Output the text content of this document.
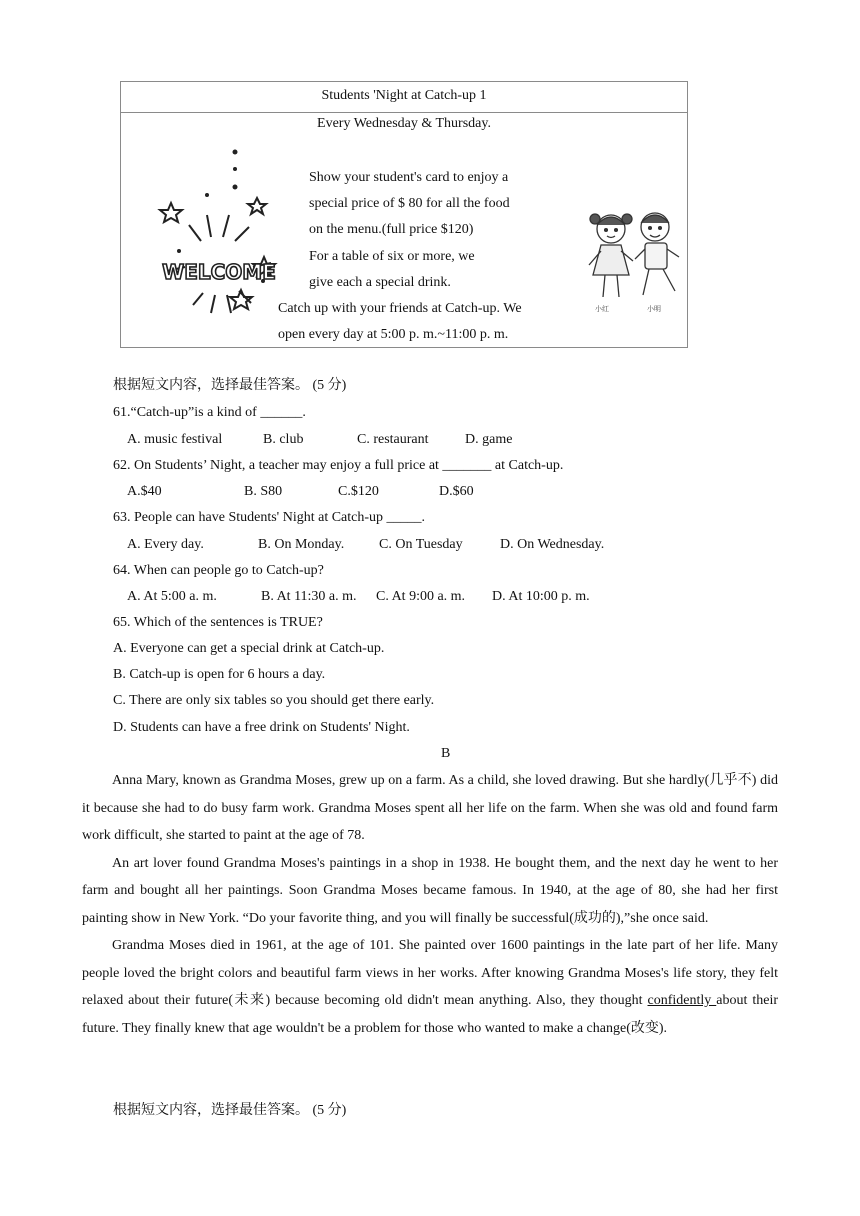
Students 'Night at Catch-up 1
Every Wednesday & Thursday.
WELCOME
Show your student's card to enjoy a
special price of $ 80 for all the food
on the menu.(full price $120)
For a table of six or more, we
give each a special drink.
Catch up with your friends at Catch-up. We
open every day at 5:00 p. m.~11:00 p. m.
小红	小明
根据短文内容，选择最佳答案。 (5 分)
61.“Catch-up”is a kind of ______.
A. music festival	B. club	C. restaurant	D. game
62. On Students’ Night, a teacher may enjoy a full price at _______ at Catch-up.
A.$40	B. S80	C.$120	D.$60
63. People can have Students' Night at Catch-up _____.
A. Every day.	B. On Monday. C. On Tuesday	D. On Wednesday.
64. When can people go to Catch-up?
A. At 5:00 a. m.	B. At 11:30 a. m. C. At 9:00 a. m. D. At 10:00 p. m.
65. Which of the sentences is TRUE?
A. Everyone can get a special drink at Catch-up.
B. Catch-up is open for 6 hours a day.
C. There are only six tables so you should get there early.
D. Students can have a free drink on Students' Night.
B

Anna Mary, known as Grandma Moses, grew up on a farm. As a child, she loved drawing. But she hardly(几乎不) did it because she had to do busy farm work. Grandma Moses spent all her life on the farm. When she was old and found farm work difficult, she started to paint at the age of 78.

An art lover found Grandma Moses's paintings in a shop in 1938. He bought them, and the next day he went to her farm and bought all her paintings. Soon Grandma Moses became famous. In 1940, at the age of 80, she had her first painting show in New York. “Do your favorite thing, and you will finally be successful(成功的),”she once said.

Grandma Moses died in 1961, at the age of 101. She painted over 1600 paintings in the late part of her life. Many people loved the bright colors and beautiful farm views in her works. After knowing Grandma Moses's life story, they felt relaxed about their future(未来) because becoming old didn't mean anything. Also, they thought confidently about their future. They finally knew that age wouldn't be a problem for those who wanted to make a change(改变).

根据短文内容，选择最佳答案。 (5 分)
